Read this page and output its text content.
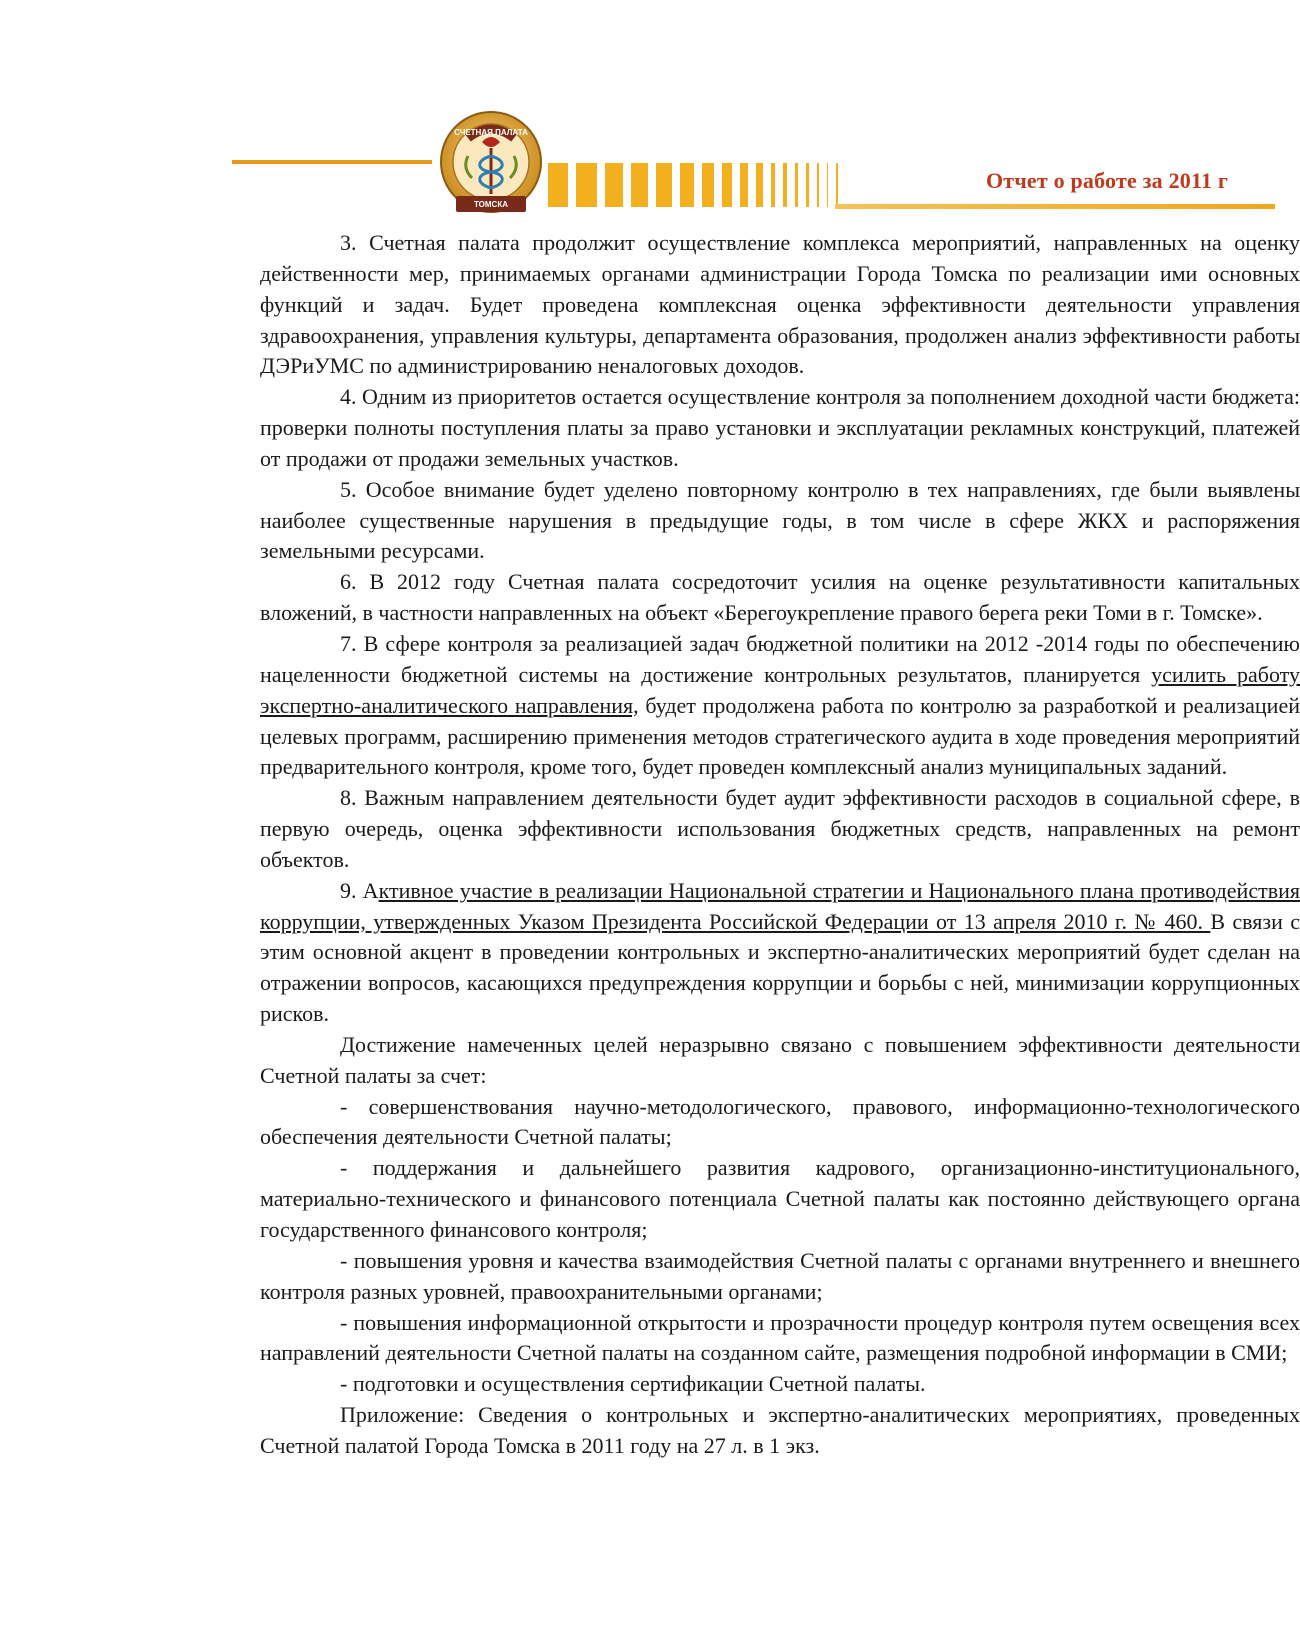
СЧЕТНАЯ ПАЛАТА
ТОМСКА
Отчет о работе за 2011 г

3. Счетная палата продолжит осуществление комплекса мероприятий, направленных на оценку действенности мер, принимаемых органами администрации Города Томска по реализации ими основных функций и задач. Будет проведена комплексная оценка эффективности деятельности управления здравоохранения, управления культуры, департамента образования, продолжен анализ эффективности работы ДЭРиУМС по администрированию неналоговых доходов.

4. Одним из приоритетов остается осуществление контроля за пополнением доходной части бюджета: проверки полноты поступления платы за право установки и эксплуатации рекламных конструкций, платежей от продажи от продажи земельных участков.

5. Особое внимание будет уделено повторному контролю в тех направлениях, где были выявлены наиболее существенные нарушения в предыдущие годы, в том числе в сфере ЖКХ и распоряжения земельными ресурсами.

6. В 2012 году Счетная палата сосредоточит усилия на оценке результативности капитальных вложений, в частности направленных на объект «Берегоукрепление правого берега реки Томи в г. Томске».

7. В сфере контроля за реализацией задач бюджетной политики на 2012 -2014 годы по обеспечению нацеленности бюджетной системы на достижение контрольных результатов, планируется усилить работу экспертно-аналитического направления, будет продолжена работа по контролю за разработкой и реализацией целевых программ, расширению применения методов стратегического аудита в ходе проведения мероприятий предварительного контроля, кроме того, будет проведен комплексный анализ муниципальных заданий.

8. Важным направлением деятельности будет аудит эффективности расходов в социальной сфере, в первую очередь, оценка эффективности использования бюджетных средств, направленных на ремонт объектов.

9. Активное участие в реализации Национальной стратегии и Национального плана противодействия коррупции, утвержденных Указом Президента Российской Федерации от 13 апреля 2010 г. № 460. В связи с этим основной акцент в проведении контрольных и экспертно-аналитических мероприятий будет сделан на отражении вопросов, касающихся предупреждения коррупции и борьбы с ней, минимизации коррупционных рисков.

Достижение намеченных целей неразрывно связано с повышением эффективности деятельности Счетной палаты за счет:

- совершенствования научно-методологического, правового, информационно-технологического обеспечения деятельности Счетной палаты;

- поддержания и дальнейшего развития кадрового, организационно-институционального, материально-технического и финансового потенциала Счетной палаты как постоянно действующего органа государственного финансового контроля;

- повышения уровня и качества взаимодействия Счетной палаты с органами внутреннего и внешнего контроля разных уровней, правоохранительными органами;

- повышения информационной открытости и прозрачности процедур контроля путем освещения всех направлений деятельности Счетной палаты на созданном сайте, размещения подробной информации в СМИ;

- подготовки и осуществления сертификации Счетной палаты.

Приложение: Сведения о контрольных и экспертно-аналитических мероприятиях, проведенных Счетной палатой Города Томска в 2011 году на 27 л. в 1 экз.
